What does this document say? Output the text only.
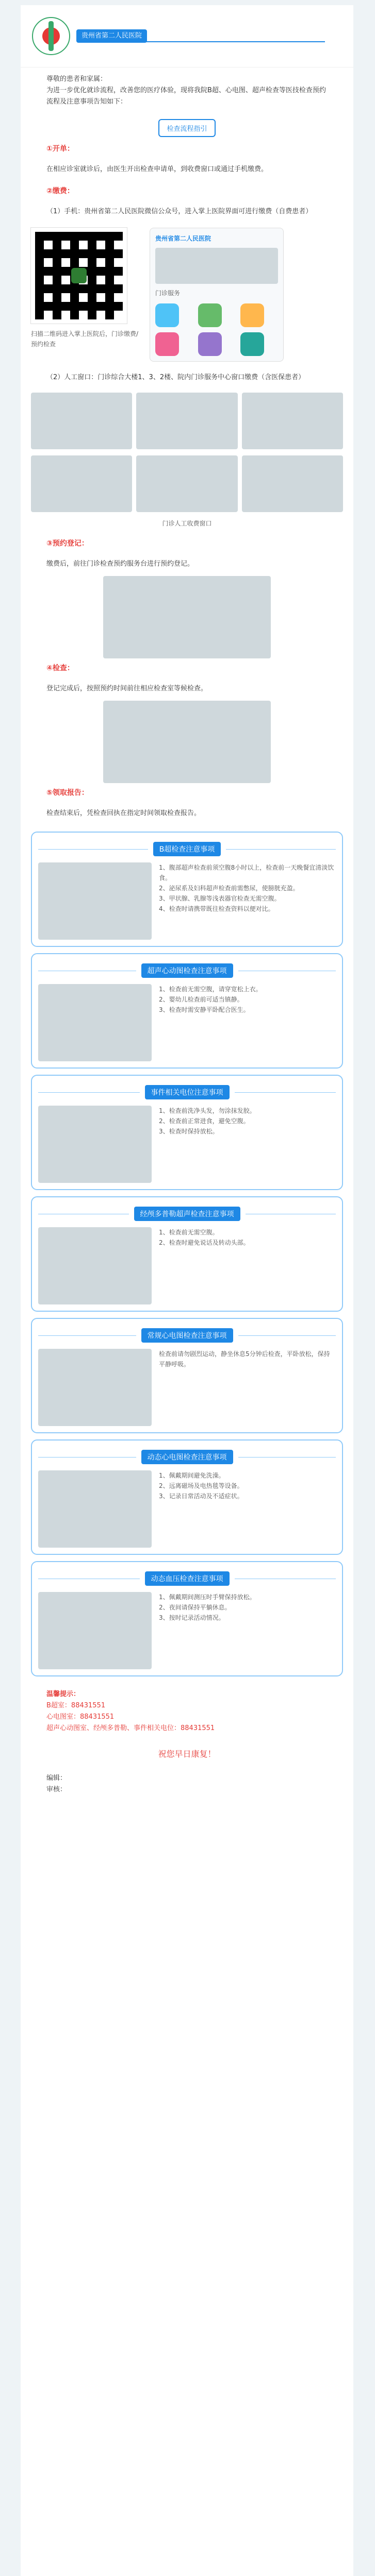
贵州省第二人民医院
尊敬的患者和家属：
为进一步优化就诊流程，改善您的医疗体验，现将我院B超、心电图、超声检查等医技检查预约流程及注意事项告知如下：
检查流程指引
①开单：
在相应诊室就诊后，由医生开出检查申请单，到收费窗口或通过手机缴费。
②缴费：
（1）手机：贵州省第二人民医院微信公众号，进入掌上医院界面可进行缴费（自费患者）
扫描二维码进入掌上医院后，门诊缴费/预约检查
贵州省第二人民医院
门诊服务
（2）人工窗口：门诊综合大楼1、3、2楼、院内门诊服务中心窗口缴费（含医保患者）
门诊人工收费窗口
③预约登记：
缴费后，前往门诊检查预约服务台进行预约登记。
④检查：
登记完成后，按照预约时间前往相应检查室等候检查。
⑤领取报告：
检查结束后，凭检查回执在指定时间领取检查报告。
B超检查注意事项
1、腹部超声检查前须空腹8小时以上，检查前一天晚餐宜清淡饮食。
2、泌尿系及妇科超声检查前需憋尿，使膀胱充盈。
3、甲状腺、乳腺等浅表器官检查无需空腹。
4、检查时请携带既往检查资料以便对比。
超声心动图检查注意事项
1、检查前无需空腹，请穿宽松上衣。
2、婴幼儿检查前可适当镇静。
3、检查时需安静平卧配合医生。
事件相关电位注意事项
1、检查前洗净头发，勿涂抹发胶。
2、检查前正常进食，避免空腹。
3、检查时保持放松。
经颅多普勒超声检查注意事项
1、检查前无需空腹。
2、检查时避免说话及转动头部。
常规心电图检查注意事项
检查前请勿剧烈运动，静坐休息5分钟后检查，平卧放松，保持平静呼吸。
动态心电图检查注意事项
1、佩戴期间避免洗澡。
2、远离磁场及电热毯等设备。
3、记录日常活动及不适症状。
动态血压检查注意事项
1、佩戴期间测压时手臂保持放松。
2、夜间请保持平躺休息。
3、按时记录活动情况。
温馨提示：
B超室：88431551
心电图室：88431551
超声心动图室、经颅多普勒、事件相关电位：88431551
祝您早日康复！
编辑：
审核：
